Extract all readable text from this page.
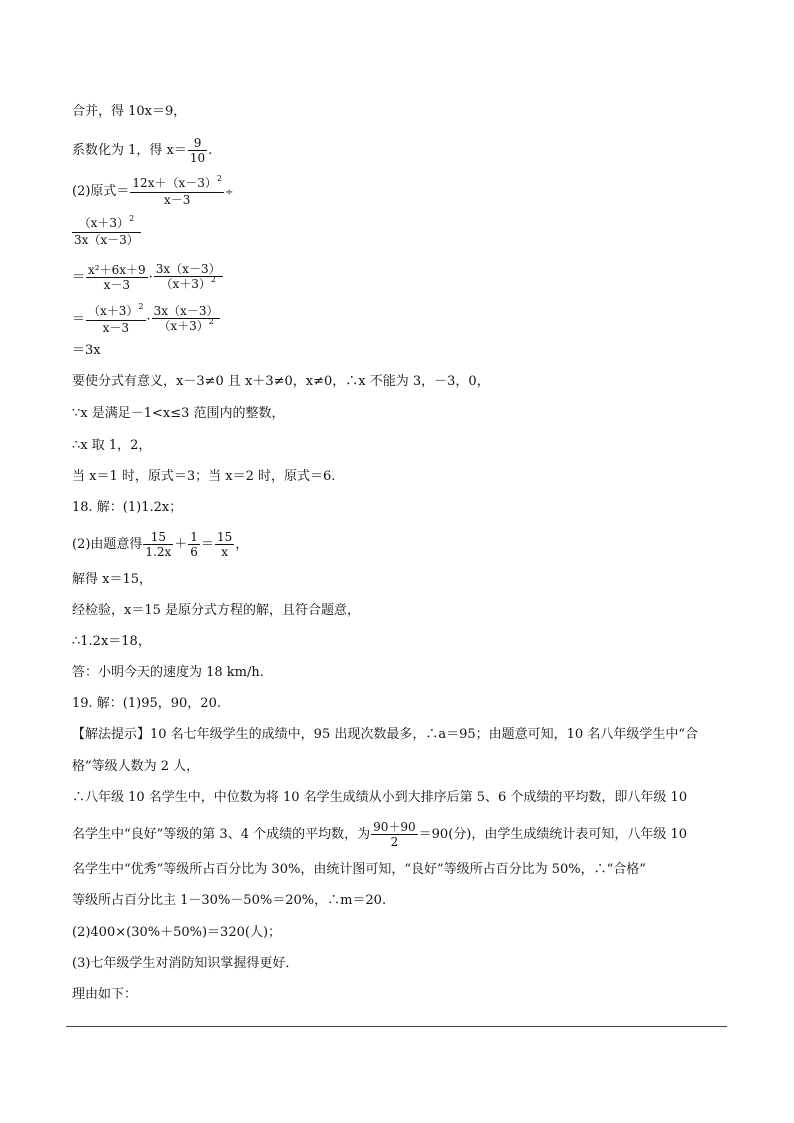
合并，得 10x＝9，
系数化为 1，得 $x= \frac{9}{10}$ .
(2)原式＝ $\frac{12x+(x-3)^2}{x-3}$ ÷
$\frac{(x+3)^2}{3x(x-3)}$
＝ $\frac{\text{x²＋6x＋9}}{x-3} \cdot \frac{3x(x-3)}{(x+3)^2}$
＝ $\frac{(x+3)^2}{x-3} \cdot \frac{3x(x-3)}{(x+3)^2}$
＝3x
要使分式有意义，x－3≠0 且 x＋3≠0，x≠0，∴x 不能为 3，－3，0，
∵x 是满足－1<x≤3 范围内的整数，
∴x 取 1，2，
当 x＝1 时，原式＝3；当 x＝2 时，原式＝6.
18. 解：(1)1.2x；
(2)由题意得 $\frac{15}{1.2x} + \frac{1}{6} = \frac{15}{x}$ ，
解得 x＝15，
经检验，x＝15 是原分式方程的解，且符合题意，
∴1.2x＝18，
答：小明今天的速度为 18 km/h.
19. 解：(1)95，90，20.
【解法提示】10 名七年级学生的成绩中，95 出现次数最多，∴a＝95；由题意可知，10 名八年级学生中“合
格”等级人数为 2 人，
∴八年级 10 名学生中，中位数为将 10 名学生成绩从小到大排序后第 5、6 个成绩的平均数，即八年级 10
名学生中“良好”等级的第 3、4 个成绩的平均数，为 $\frac{90+90}{2} =90$(分)，由学生成绩统计表可知，八年级 10
名学生中“优秀”等级所占百分比为 30%，由统计图可知，“良好”等级所占百分比为 50%，∴“合格”
等级所占百分比主 1－30%－50%＝20%，∴m＝20.
(2)400×(30%＋50%)＝320(人)；
(3)七年级学生对消防知识掌握得更好．
理由如下：
